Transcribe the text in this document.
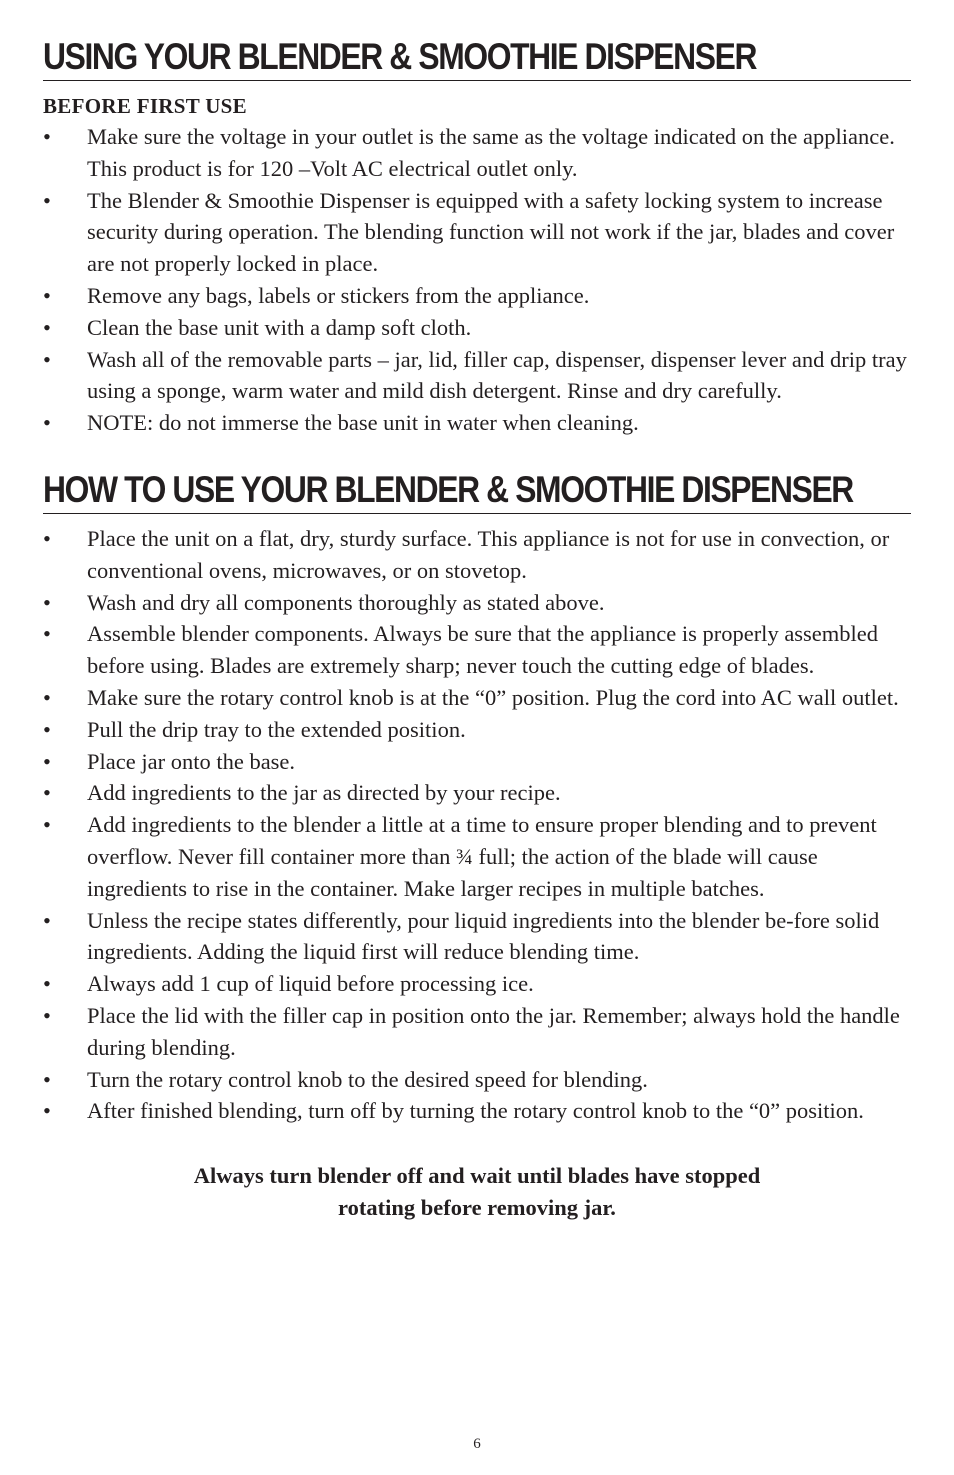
USING YOUR BLENDER & SMOOTHIE DISPENSER
BEFORE FIRST USE
• Make sure the voltage in your outlet is the same as the voltage indicated on the appliance. This product is for 120 –Volt AC electrical outlet only.
• The Blender & Smoothie Dispenser is equipped with a safety locking system to increase security during operation. The blending function will not work if the jar, blades and cover are not properly locked in place.
• Remove any bags, labels or stickers from the appliance.
• Clean the base unit with a damp soft cloth.
• Wash all of the removable parts – jar, lid, filler cap, dispenser, dispenser lever and drip tray using a sponge, warm water and mild dish detergent. Rinse and dry carefully.
• NOTE: do not immerse the base unit in water when cleaning.
HOW TO USE YOUR BLENDER & SMOOTHIE DISPENSER
• Place the unit on a flat, dry, sturdy surface. This appliance is not for use in convection, or conventional ovens, microwaves, or on stovetop.
• Wash and dry all components thoroughly as stated above.
• Assemble blender components. Always be sure that the appliance is properly assembled before using. Blades are extremely sharp; never touch the cutting edge of blades.
• Make sure the rotary control knob is at the “0” position. Plug the cord into AC wall outlet.
• Pull the drip tray to the extended position.
• Place jar onto the base.
• Add ingredients to the jar as directed by your recipe.
• Add ingredients to the blender a little at a time to ensure proper blending and to prevent overflow. Never fill container more than ¾ full; the action of the blade will cause ingredients to rise in the container. Make larger recipes in multiple batches.
• Unless the recipe states differently, pour liquid ingredients into the blender be-fore solid ingredients. Adding the liquid first will reduce blending time.
• Always add 1 cup of liquid before processing ice.
• Place the lid with the filler cap in position onto the jar. Remember; always hold the handle during blending.
• Turn the rotary control knob to the desired speed for blending.
• After finished blending, turn off by turning the rotary control knob to the “0” position.
Always turn blender off and wait until blades have stopped
rotating before removing jar.
6
